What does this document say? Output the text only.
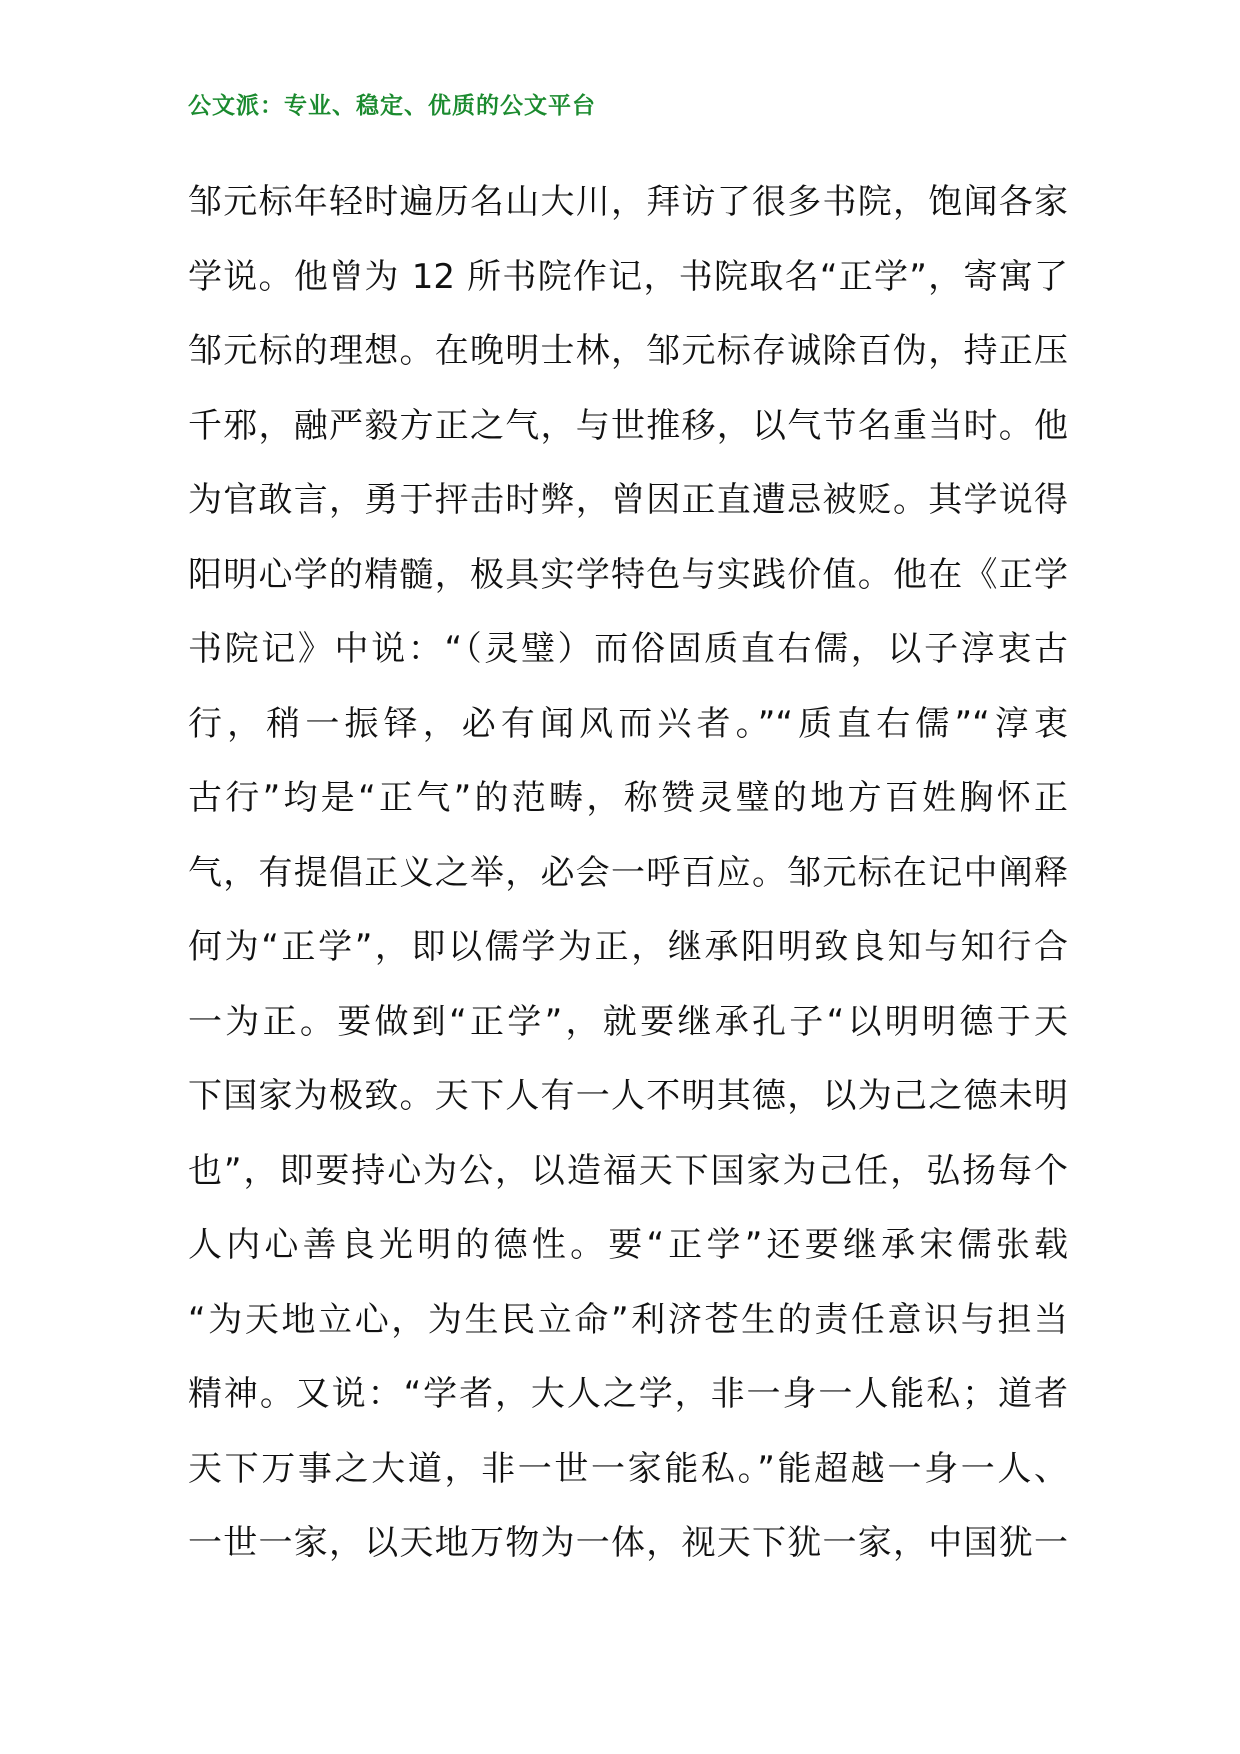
公文派：专业、稳定、优质的公文平台
邹元标年轻时遍历名山大川，拜访了很多书院，饱闻各家
学说。他曾为 12 所书院作记，书院取名“正学”，寄寓了
邹元标的理想。在晚明士林，邹元标存诚除百伪，持正压
千邪，融严毅方正之气，与世推移，以气节名重当时。他
为官敢言，勇于抨击时弊，曾因正直遭忌被贬。其学说得
阳明心学的精髓，极具实学特色与实践价值。他在《正学
书院记》中说：“（灵璧）而俗固质直右儒，以子淳衷古
行，稍一振铎，必有闻风而兴者。”“质直右儒”“淳衷
古行”均是“正气”的范畴，称赞灵璧的地方百姓胸怀正
气，有提倡正义之举，必会一呼百应。邹元标在记中阐释
何为“正学”，即以儒学为正，继承阳明致良知与知行合
一为正。要做到“正学”，就要继承孔子“以明明德于天
下国家为极致。天下人有一人不明其德，以为己之德未明
也”，即要持心为公，以造福天下国家为己任，弘扬每个
人内心善良光明的德性。要“正学”还要继承宋儒张载
“为天地立心，为生民立命”利济苍生的责任意识与担当
精神。又说：“学者，大人之学，非一身一人能私；道者
天下万事之大道，非一世一家能私。”能超越一身一人、
一世一家，以天地万物为一体，视天下犹一家，中国犹一
